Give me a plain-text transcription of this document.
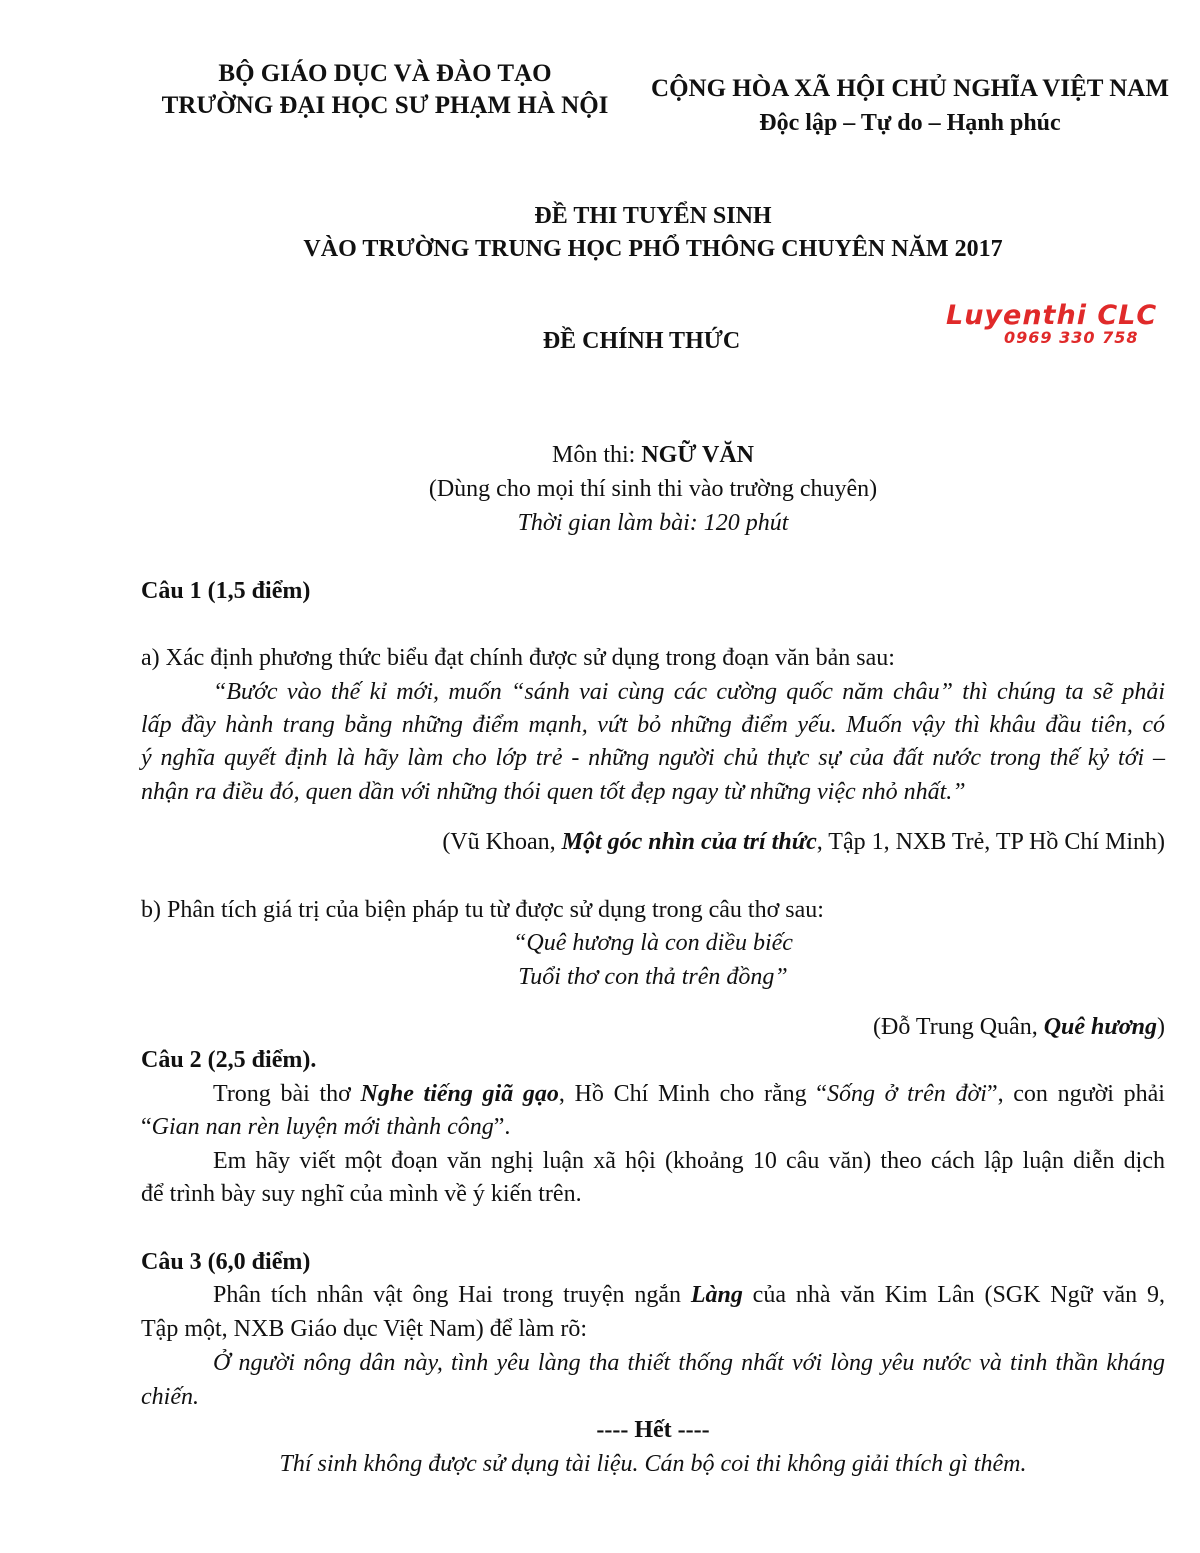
BỘ GIÁO DỤC VÀ ĐÀO TẠO
TRƯỜNG ĐẠI HỌC SƯ PHẠM HÀ NỘI
CỘNG HÒA XÃ HỘI CHỦ NGHĨA VIỆT NAM
Độc lập – Tự do – Hạnh phúc
ĐỀ THI TUYỂN SINH
VÀO TRƯỜNG TRUNG HỌC PHỔ THÔNG CHUYÊN NĂM 2017
ĐỀ CHÍNH THỨC
Luyenthi CLC
0969 330 758
Môn thi: NGỮ VĂN
(Dùng cho mọi thí sinh thi vào trường chuyên)
Thời gian làm bài: 120 phút
Câu 1 (1,5 điểm)
a) Xác định phương thức biểu đạt chính được sử dụng trong đoạn văn bản sau:
“Bước vào thế kỉ mới, muốn “sánh vai cùng các cường quốc năm châu” thì chúng ta sẽ phải
lấp đầy hành trang bằng những điểm mạnh, vứt bỏ những điểm yếu. Muốn vậy thì khâu đầu tiên, có
ý nghĩa quyết định là hãy làm cho lớp trẻ - những người chủ thực sự của đất nước trong thế kỷ tới –
nhận ra điều đó, quen dần với những thói quen tốt đẹp ngay từ những việc nhỏ nhất.”
(Vũ Khoan, Một góc nhìn của trí thức, Tập 1, NXB Trẻ, TP Hồ Chí Minh)
b) Phân tích giá trị của biện pháp tu từ được sử dụng trong câu thơ sau:
“Quê hương là con diều biếc
Tuổi thơ con thả trên đồng”
(Đỗ Trung Quân, Quê hương)
Câu 2 (2,5 điểm).
Trong bài thơ Nghe tiếng giã gạo, Hồ Chí Minh cho rằng “Sống ở trên đời”, con người phải
“Gian nan rèn luyện mới thành công”.
Em hãy viết một đoạn văn nghị luận xã hội (khoảng 10 câu văn) theo cách lập luận diễn dịch
để trình bày suy nghĩ của mình về ý kiến trên.
Câu 3 (6,0 điểm)
Phân tích nhân vật ông Hai trong truyện ngắn Làng của nhà văn Kim Lân (SGK Ngữ văn 9,
Tập một, NXB Giáo dục Việt Nam) để làm rõ:
Ở người nông dân này, tình yêu làng tha thiết thống nhất với lòng yêu nước và tinh thần kháng
chiến.
---- Hết ----
Thí sinh không được sử dụng tài liệu. Cán bộ coi thi không giải thích gì thêm.
